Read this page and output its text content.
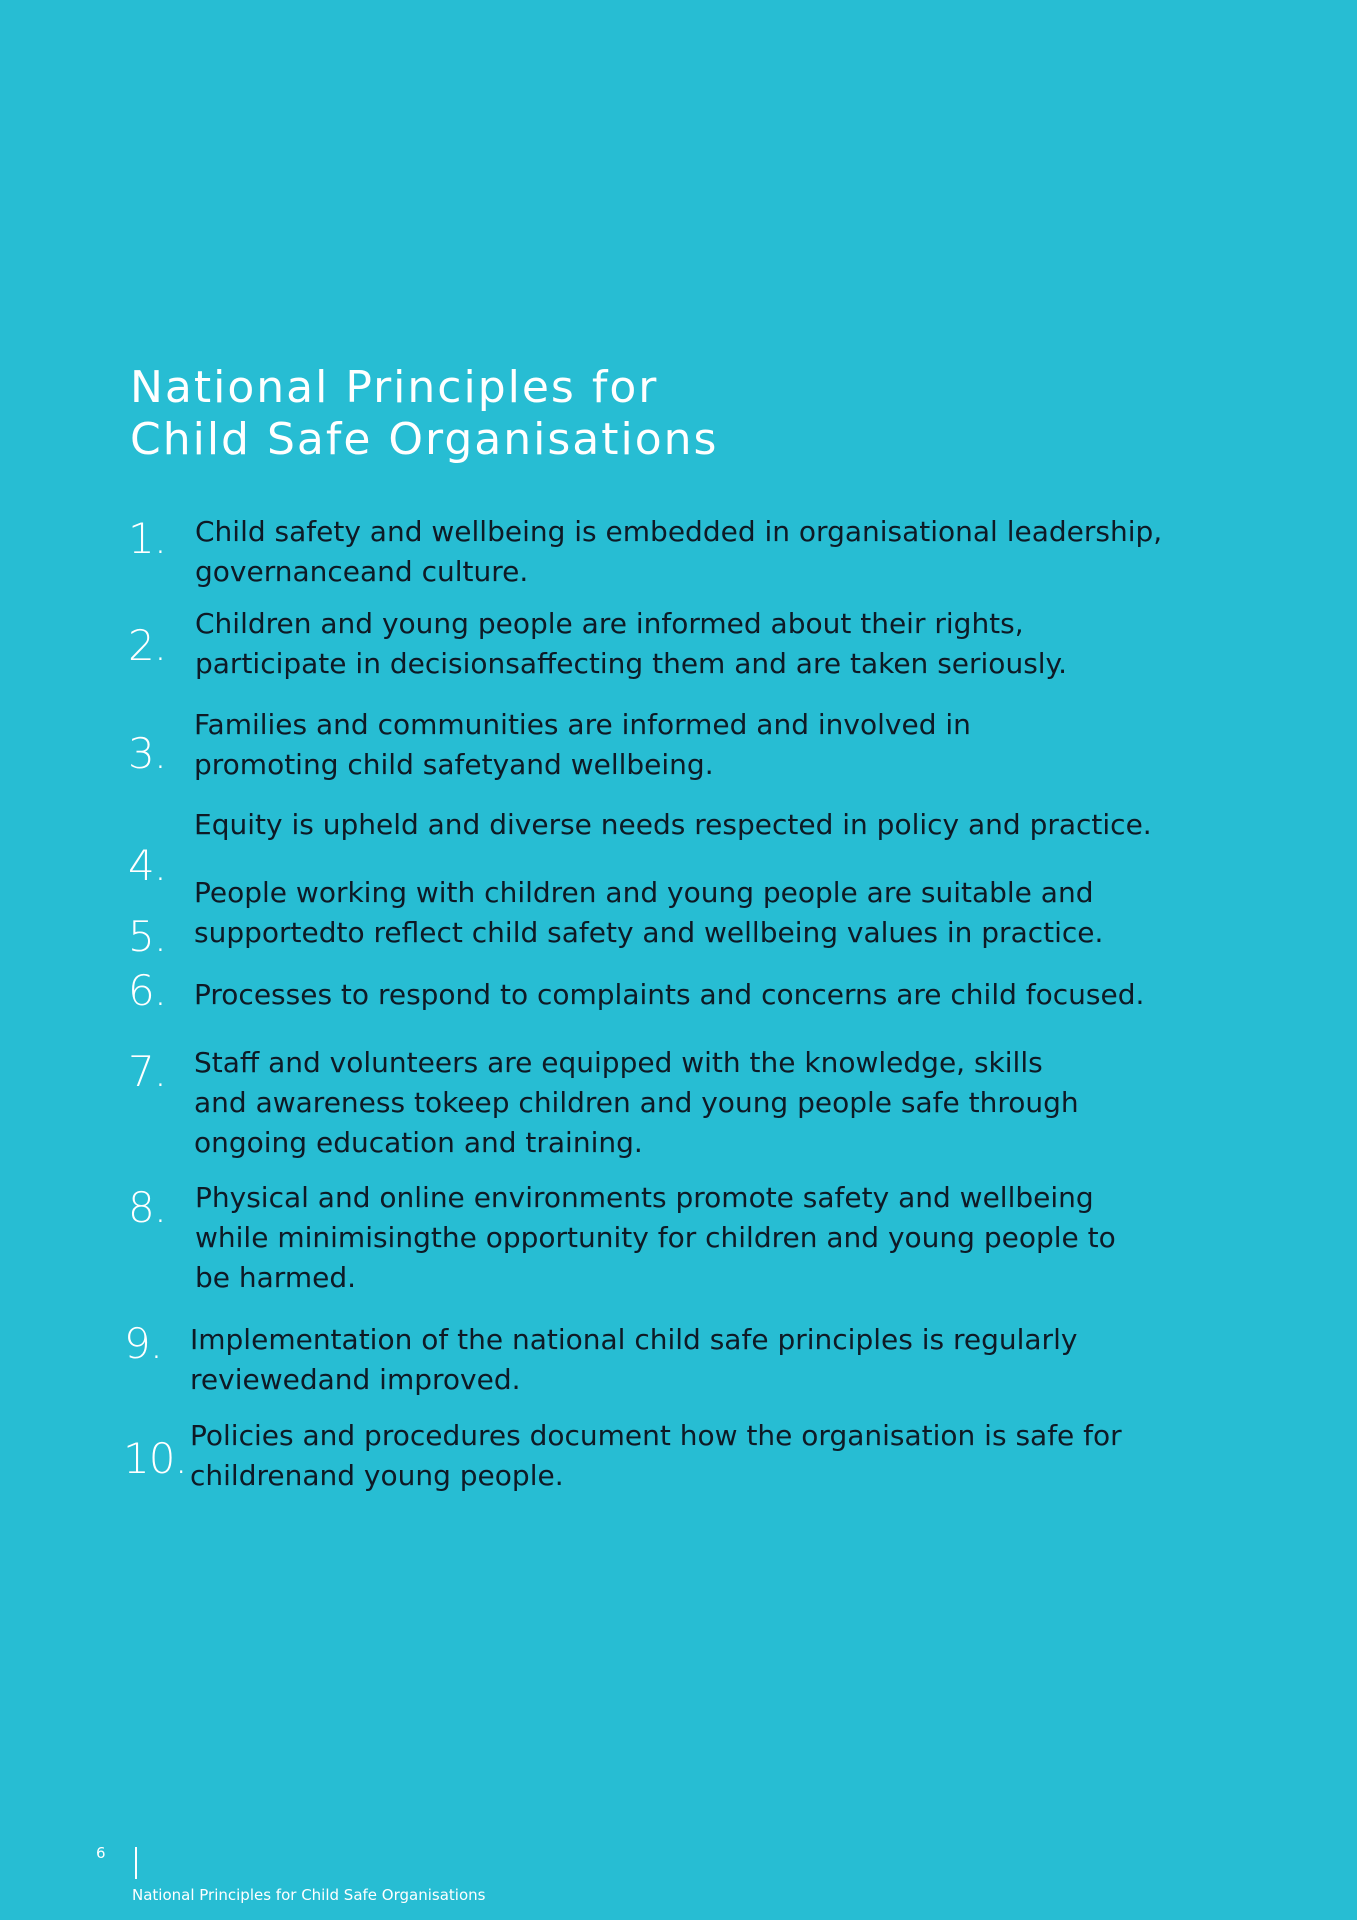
National Principles for
Child Safe Organisations
1. Child safety and wellbeing is embedded in organisational leadership,
governanceand culture.
2. Children and young people are informed about their rights,
participate in decisionsaffecting them and are taken seriously.
3.
Families and communities are informed and involved in
promoting child safetyand wellbeing.
4.
Equity is upheld and diverse needs respected in policy and practice.
5.
People working with children and young people are suitable and
supportedto reflect child safety and wellbeing values in practice.
6. Processes to respond to complaints and concerns are child focused.
7. Staff and volunteers are equipped with the knowledge, skills
and awareness tokeep children and young people safe through
ongoing education and training.
8. Physical and online environments promote safety and wellbeing
while minimisingthe opportunity for children and young people to
be harmed.
9. Implementation of the national child safe principles is regularly
reviewedand improved.
10. Policies and procedures document how the organisation is safe for
childrenand young people.
6
National Principles for Child Safe Organisations
